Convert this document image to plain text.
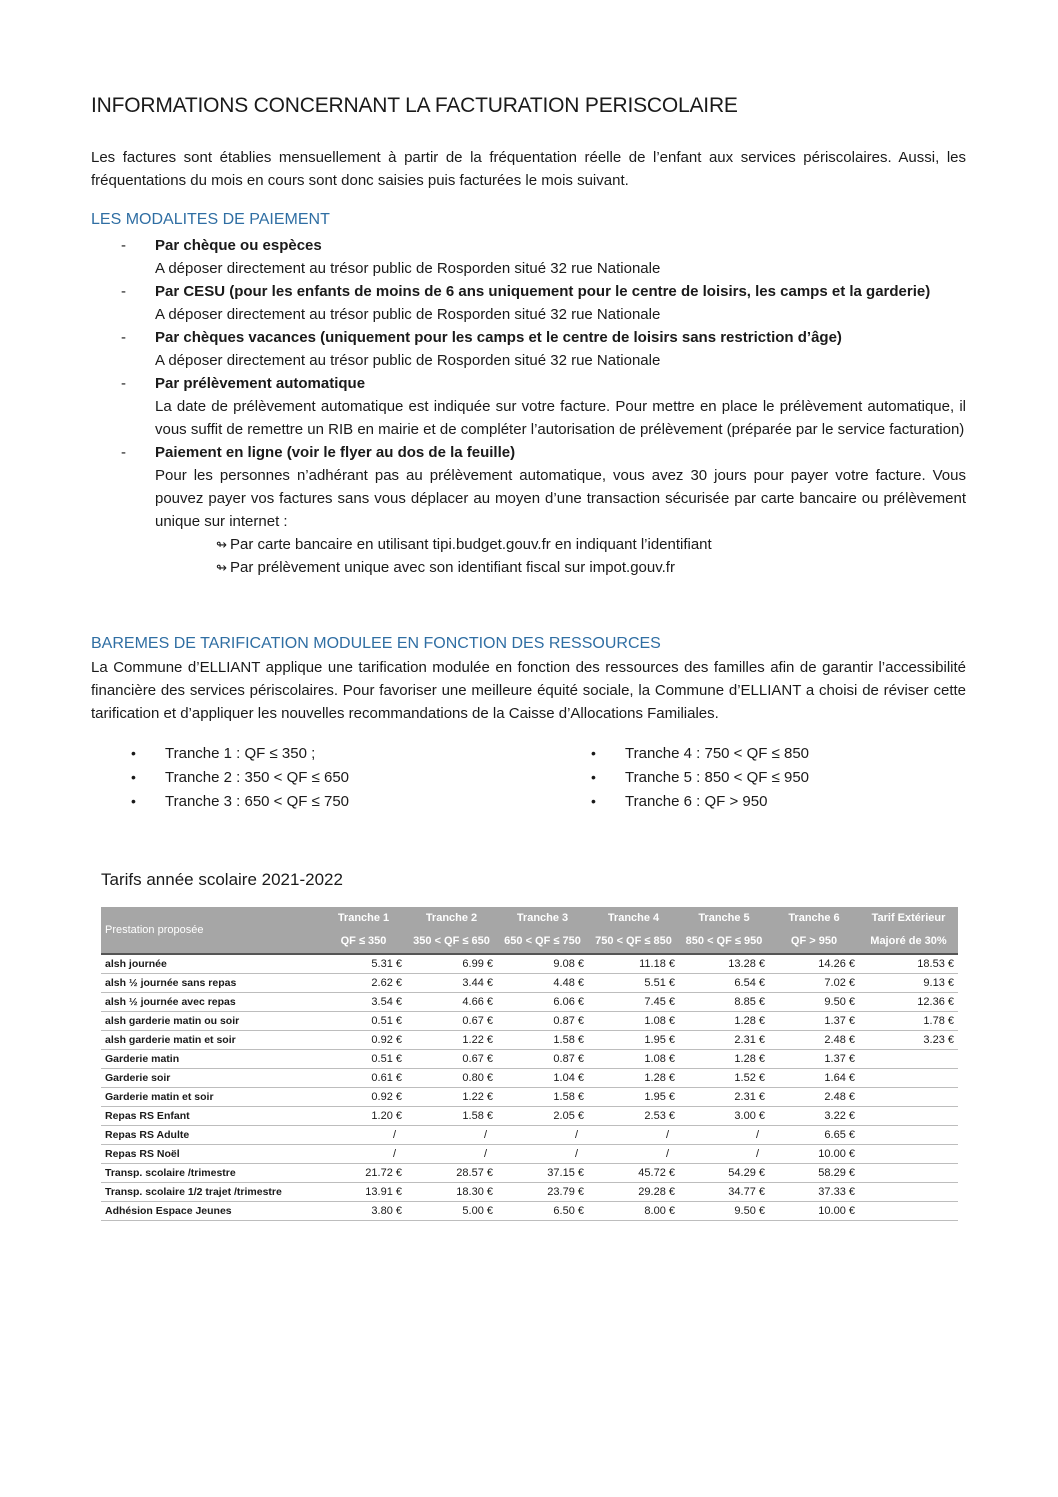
INFORMATIONS CONCERNANT LA FACTURATION PERISCOLAIRE

Les factures sont établies mensuellement à partir de la fréquentation réelle de l’enfant aux services périscolaires. Aussi, les fréquentations du mois en cours sont donc saisies puis facturées le mois suivant.

LES MODALITES DE PAIEMENT
- Par chèque ou espèces
A déposer directement au trésor public de Rosporden situé 32 rue Nationale
- Par CESU (pour les enfants de moins de 6 ans uniquement pour le centre de loisirs, les camps et la garderie)
A déposer directement au trésor public de Rosporden situé 32 rue Nationale
- Par chèques vacances (uniquement pour les camps et le centre de loisirs sans restriction d’âge)
A déposer directement au trésor public de Rosporden situé 32 rue Nationale
- Par prélèvement automatique
La date de prélèvement automatique est indiquée sur votre facture. Pour mettre en place le prélèvement automatique, il vous suffit de remettre un RIB en mairie et de compléter l’autorisation de prélèvement (préparée par le service facturation)
- Paiement en ligne (voir le flyer au dos de la feuille)
Pour les personnes n’adhérant pas au prélèvement automatique, vous avez 30 jours pour payer votre facture. Vous pouvez payer vos factures sans vous déplacer au moyen d’une transaction sécurisée par carte bancaire ou prélèvement unique sur internet :
↬ Par carte bancaire en utilisant tipi.budget.gouv.fr en indiquant l’identifiant
↬ Par prélèvement unique avec son identifiant fiscal sur impot.gouv.fr
BAREMES DE TARIFICATION MODULEE EN FONCTION DES RESSOURCES

La Commune d’ELLIANT applique une tarification modulée en fonction des ressources des familles afin de garantir l’accessibilité financière des services périscolaires. Pour favoriser une meilleure équité sociale, la Commune d’ELLIANT a choisi de réviser cette tarification et d’appliquer les nouvelles recommandations de la Caisse d’Allocations Familiales.

• Tranche 1 : QF ≤ 350 ;
• Tranche 2 : 350 < QF ≤ 650
• Tranche 3 : 650 < QF ≤ 750
• Tranche 4 : 750 < QF ≤ 850
• Tranche 5 : 850 < QF ≤ 950
• Tranche 6 : QF > 950

Tarifs année scolaire 2021-2022

Prestation proposée	Tranche 1	Tranche 2	Tranche 3	Tranche 4	Tranche 5	Tranche 6	Tarif Extérieur
	QF ≤ 350	350 < QF ≤ 650	650 < QF ≤ 750	750 < QF ≤ 850	850 < QF ≤ 950	QF > 950	Majoré de 30%
alsh journée	5.31 €	6.99 €	9.08 €	11.18 €	13.28 €	14.26 €	18.53 €
alsh ½ journée sans repas	2.62 €	3.44 €	4.48 €	5.51 €	6.54 €	7.02 €	9.13 €
alsh ½ journée avec repas	3.54 €	4.66 €	6.06 €	7.45 €	8.85 €	9.50 €	12.36 €
alsh garderie matin ou soir	0.51 €	0.67 €	0.87 €	1.08 €	1.28 €	1.37 €	1.78 €
alsh garderie matin et soir	0.92 €	1.22 €	1.58 €	1.95 €	2.31 €	2.48 €	3.23 €
Garderie matin	0.51 €	0.67 €	0.87 €	1.08 €	1.28 €	1.37 €	
Garderie soir	0.61 €	0.80 €	1.04 €	1.28 €	1.52 €	1.64 €	
Garderie matin et soir	0.92 €	1.22 €	1.58 €	1.95 €	2.31 €	2.48 €	
Repas RS Enfant	1.20 €	1.58 €	2.05 €	2.53 €	3.00 €	3.22 €	
Repas RS Adulte	/	/	/	/	/	6.65 €	
Repas RS Noël	/	/	/	/	/	10.00 €	
Transp. scolaire /trimestre	21.72 €	28.57 €	37.15 €	45.72 €	54.29 €	58.29 €	
Transp. scolaire 1/2 trajet /trimestre	13.91 €	18.30 €	23.79 €	29.28 €	34.77 €	37.33 €	
Adhésion Espace Jeunes	3.80 €	5.00 €	6.50 €	8.00 €	9.50 €	10.00 €	
